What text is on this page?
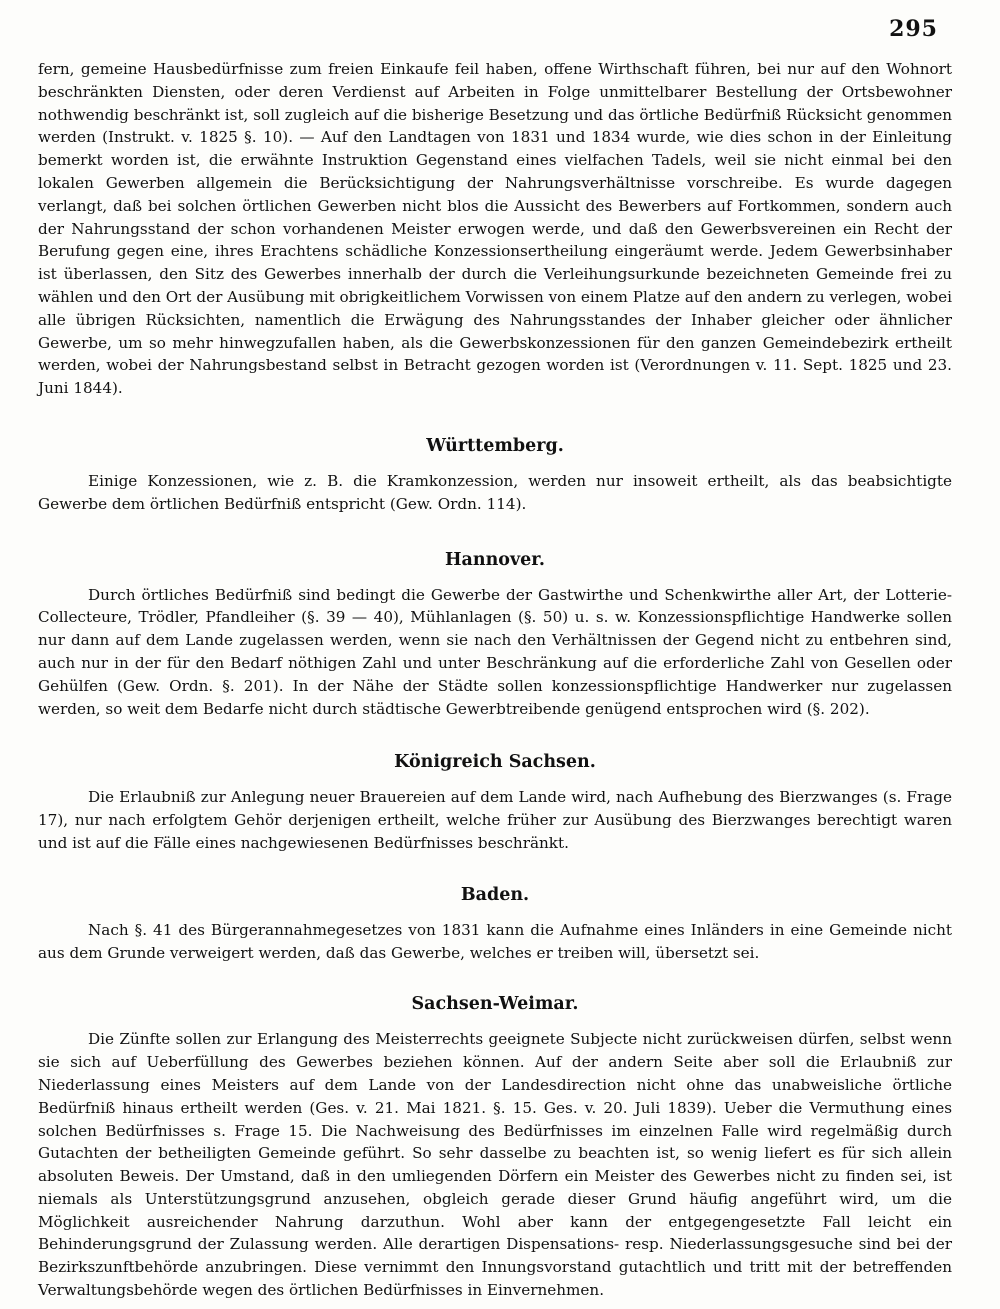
295

fern, gemeine Hausbedürfnisse zum freien Einkaufe feil haben, offene Wirthschaft führen, bei nur auf den Wohnort beschränkten Diensten, oder deren Verdienst auf Arbeiten in Folge unmittelbarer Bestellung der Ortsbewohner nothwendig beschränkt ist, soll zugleich auf die bisherige Besetzung und das örtliche Bedürfniß Rücksicht genommen werden (Instrukt. v. 1825 §. 10). — Auf den Landtagen von 1831 und 1834 wurde, wie dies schon in der Einleitung bemerkt worden ist, die erwähnte Instruktion Gegenstand eines vielfachen Tadels, weil sie nicht einmal bei den lokalen Gewerben allgemein die Berücksichtigung der Nahrungsverhältnisse vorschreibe. Es wurde dagegen verlangt, daß bei solchen örtlichen Gewerben nicht blos die Aussicht des Bewerbers auf Fortkommen, sondern auch der Nahrungsstand der schon vorhandenen Meister erwogen werde, und daß den Gewerbsvereinen ein Recht der Berufung gegen eine, ihres Erachtens schädliche Konzessionsertheilung eingeräumt werde. Jedem Gewerbsinhaber ist überlassen, den Sitz des Gewerbes innerhalb der durch die Verleihungsurkunde bezeichneten Gemeinde frei zu wählen und den Ort der Ausübung mit obrigkeitlichem Vorwissen von einem Platze auf den andern zu verlegen, wobei alle übrigen Rücksichten, namentlich die Erwägung des Nahrungsstandes der Inhaber gleicher oder ähnlicher Gewerbe, um so mehr hinwegzufallen haben, als die Gewerbskonzessionen für den ganzen Gemeindebezirk ertheilt werden, wobei der Nahrungsbestand selbst in Betracht gezogen worden ist (Verordnungen v. 11. Sept. 1825 und 23. Juni 1844).

Württemberg.

Einige Konzessionen, wie z. B. die Kramkonzession, werden nur insoweit ertheilt, als das beabsichtigte Gewerbe dem örtlichen Bedürfniß entspricht (Gew. Ordn. 114).

Hannover.

Durch örtliches Bedürfniß sind bedingt die Gewerbe der Gastwirthe und Schenkwirthe aller Art, der Lotterie-Collecteure, Trödler, Pfandleiher (§. 39 — 40), Mühlanlagen (§. 50) u. s. w. Konzessionspflichtige Handwerke sollen nur dann auf dem Lande zugelassen werden, wenn sie nach den Verhältnissen der Gegend nicht zu entbehren sind, auch nur in der für den Bedarf nöthigen Zahl und unter Beschränkung auf die erforderliche Zahl von Gesellen oder Gehülfen (Gew. Ordn. §. 201). In der Nähe der Städte sollen konzessionspflichtige Handwerker nur zugelassen werden, so weit dem Bedarfe nicht durch städtische Gewerbtreibende genügend entsprochen wird (§. 202).

Königreich Sachsen.

Die Erlaubniß zur Anlegung neuer Brauereien auf dem Lande wird, nach Aufhebung des Bierzwanges (s. Frage 17), nur nach erfolgtem Gehör derjenigen ertheilt, welche früher zur Ausübung des Bierzwanges berechtigt waren und ist auf die Fälle eines nachgewiesenen Bedürfnisses beschränkt.

Baden.

Nach §. 41 des Bürgerannahmegesetzes von 1831 kann die Aufnahme eines Inländers in eine Gemeinde nicht aus dem Grunde verweigert werden, daß das Gewerbe, welches er treiben will, übersetzt sei.

Sachsen-Weimar.

Die Zünfte sollen zur Erlangung des Meisterrechts geeignete Subjecte nicht zurückweisen dürfen, selbst wenn sie sich auf Ueberfüllung des Gewerbes beziehen können. Auf der andern Seite aber soll die Erlaubniß zur Niederlassung eines Meisters auf dem Lande von der Landesdirection nicht ohne das unabweisliche örtliche Bedürfniß hinaus ertheilt werden (Ges. v. 21. Mai 1821. §. 15. Ges. v. 20. Juli 1839). Ueber die Vermuthung eines solchen Bedürfnisses s. Frage 15. Die Nachweisung des Bedürfnisses im einzelnen Falle wird regelmäßig durch Gutachten der betheiligten Gemeinde geführt. So sehr dasselbe zu beachten ist, so wenig liefert es für sich allein absoluten Beweis. Der Umstand, daß in den umliegenden Dörfern ein Meister des Gewerbes nicht zu finden sei, ist niemals als Unterstützungsgrund anzusehen, obgleich gerade dieser Grund häufig angeführt wird, um die Möglichkeit ausreichender Nahrung darzuthun. Wohl aber kann der entgegengesetzte Fall leicht ein Behinderungsgrund der Zulassung werden. Alle derartigen Dispensations- resp. Niederlassungsgesuche sind bei der Bezirkszunftbehörde anzubringen. Diese vernimmt den Innungsvorstand gutachtlich und tritt mit der betreffenden Verwaltungsbehörde wegen des örtlichen Bedürfnisses in Einvernehmen.
